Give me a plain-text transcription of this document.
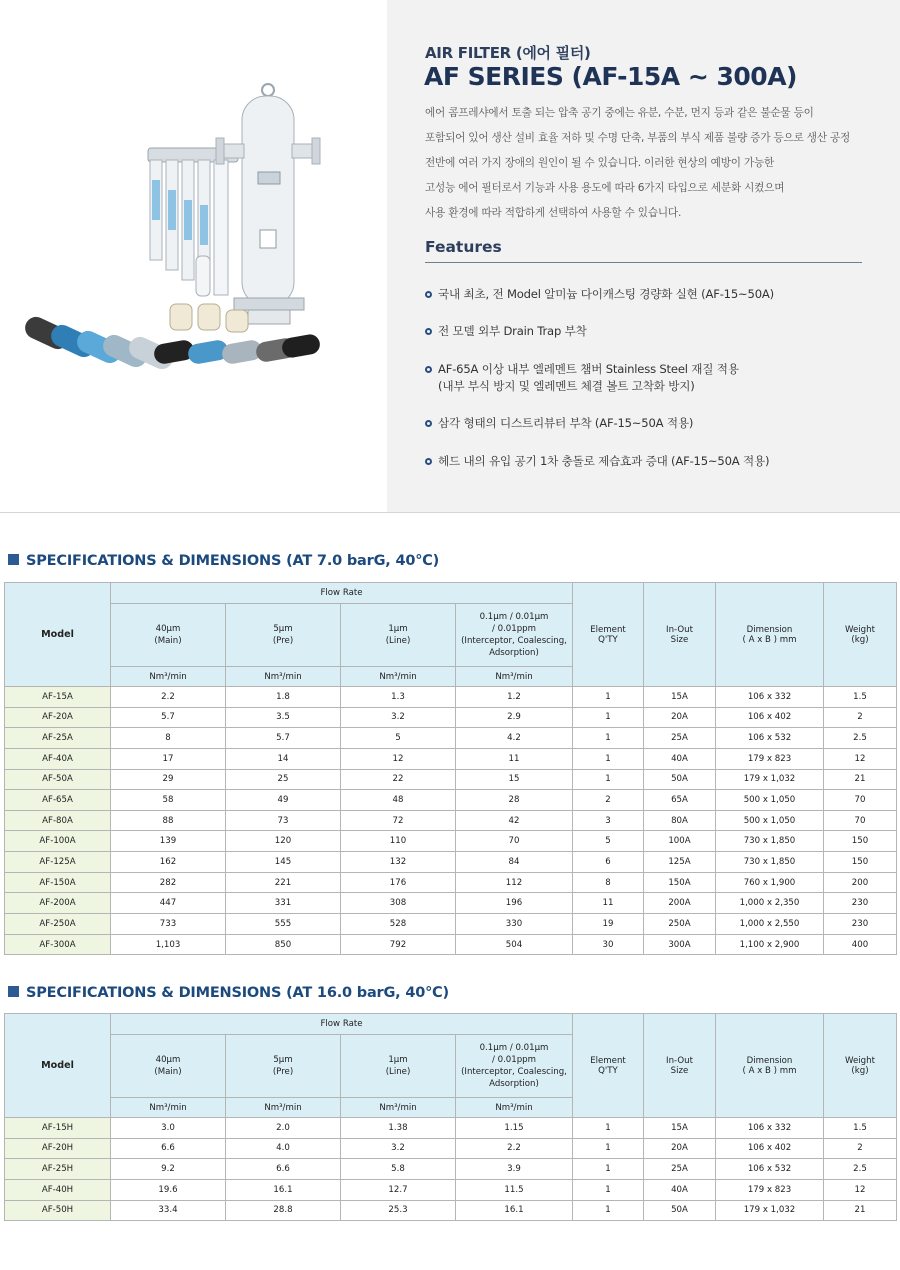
AIR FILTER (에어 필터)
AF SERIES (AF-15A ~ 300A)

에어 콤프레샤에서 토출 되는 압축 공기 중에는 유분, 수분, 먼지 등과 같은 불순물 등이

포함되어 있어 생산 설비 효율 저하 및 수명 단축, 부품의 부식 제품 불량 증가 등으로 생산 공정

전반에 여러 가지 장애의 원인이 될 수 있습니다. 이러한 현상의 예방이 가능한

고성능 에어 필터로서 기능과 사용 용도에 따라 6가지 타입으로 세분화 시켰으며

사용 환경에 따라 적합하게 선택하여 사용할 수 있습니다.

Features
국내 최초, 전 Model 알미늄 다이캐스팅 경량화 실현 (AF-15~50A)
전 모델 외부 Drain Trap 부착
AF-65A 이상 내부 엘레멘트 챔버 Stainless Steel 재질 적용
(내부 부식 방지 및 엘레멘트 체결 볼트 고착화 방지)
삼각 형태의 디스트리뷰터 부착 (AF-15~50A 적용)
헤드 내의 유입 공기 1차 충돌로 제습효과 증대 (AF-15~50A 적용)
SPECIFICATIONS & DIMENSIONS (AT 7.0 barG, 40℃)
Model	Flow Rate				Element
Q'TY	In-Out
Size	Dimension
( A x B ) mm	Weight
(kg)
	40μm
(Main)	5μm
(Pre)	1μm
(Line)	0.1μm / 0.01μm
/ 0.01ppm
(Interceptor, Coalescing,
Adsorption)				
	Nm³/min	Nm³/min	Nm³/min	Nm³/min				
AF-15A	2.2	1.8	1.3	1.2	1	15A	106 x 332	1.5
AF-20A	5.7	3.5	3.2	2.9	1	20A	106 x 402	2
AF-25A	8	5.7	5	4.2	1	25A	106 x 532	2.5
AF-40A	17	14	12	11	1	40A	179 x 823	12
AF-50A	29	25	22	15	1	50A	179 x 1,032	21
AF-65A	58	49	48	28	2	65A	500 x 1,050	70
AF-80A	88	73	72	42	3	80A	500 x 1,050	70
AF-100A	139	120	110	70	5	100A	730 x 1,850	150
AF-125A	162	145	132	84	6	125A	730 x 1,850	150
AF-150A	282	221	176	112	8	150A	760 x 1,900	200
AF-200A	447	331	308	196	11	200A	1,000 x 2,350	230
AF-250A	733	555	528	330	19	250A	1,000 x 2,550	230
AF-300A	1,103	850	792	504	30	300A	1,100 x 2,900	400
SPECIFICATIONS & DIMENSIONS (AT 16.0 barG, 40℃)
Model	Flow Rate				Element
Q'TY	In-Out
Size	Dimension
( A x B ) mm	Weight
(kg)
	40μm
(Main)	5μm
(Pre)	1μm
(Line)	0.1μm / 0.01μm
/ 0.01ppm
(Interceptor, Coalescing,
Adsorption)				
	Nm³/min	Nm³/min	Nm³/min	Nm³/min				
AF-15H	3.0	2.0	1.38	1.15	1	15A	106 x 332	1.5
AF-20H	6.6	4.0	3.2	2.2	1	20A	106 x 402	2
AF-25H	9.2	6.6	5.8	3.9	1	25A	106 x 532	2.5
AF-40H	19.6	16.1	12.7	11.5	1	40A	179 x 823	12
AF-50H	33.4	28.8	25.3	16.1	1	50A	179 x 1,032	21
